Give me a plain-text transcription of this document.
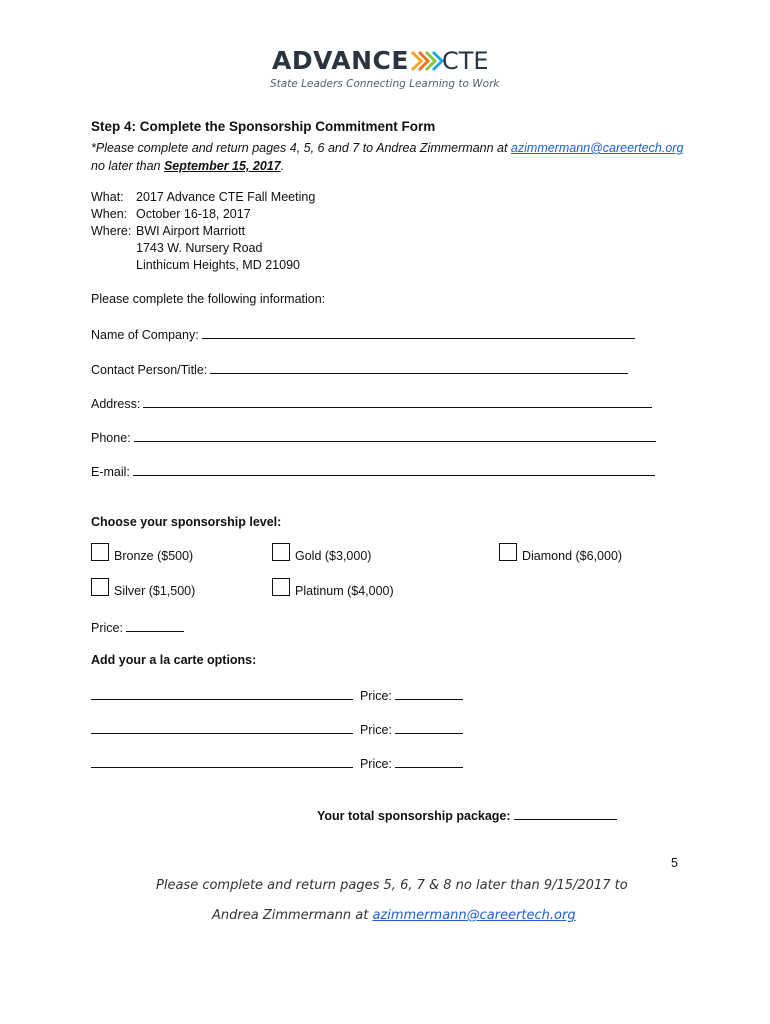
ADVANCE CTE
State Leaders Connecting Learning to Work
Step 4: Complete the Sponsorship Commitment Form
*Please complete and return pages 4, 5, 6 and 7 to Andrea Zimmermann at azimmermann@careertech.org
no later than September 15, 2017.
What: 2017 Advance CTE Fall Meeting
When: October 16-18, 2017
Where: BWI Airport Marriott
1743 W. Nursery Road
Linthicum Heights, MD 21090
Please complete the following information:
Name of Company:
Contact Person/Title:
Address:
Phone:
E-mail:
Choose your sponsorship level:
Bronze ($500)	Gold ($3,000)	Diamond ($6,000)
Silver ($1,500)	Platinum ($4,000)
Price:
Add your a la carte options:
Price:
Price:
Price:
Your total sponsorship package:
5
Please complete and return pages 5, 6, 7 & 8 no later than 9/15/2017 to
Andrea Zimmermann at azimmermann@careertech.org
